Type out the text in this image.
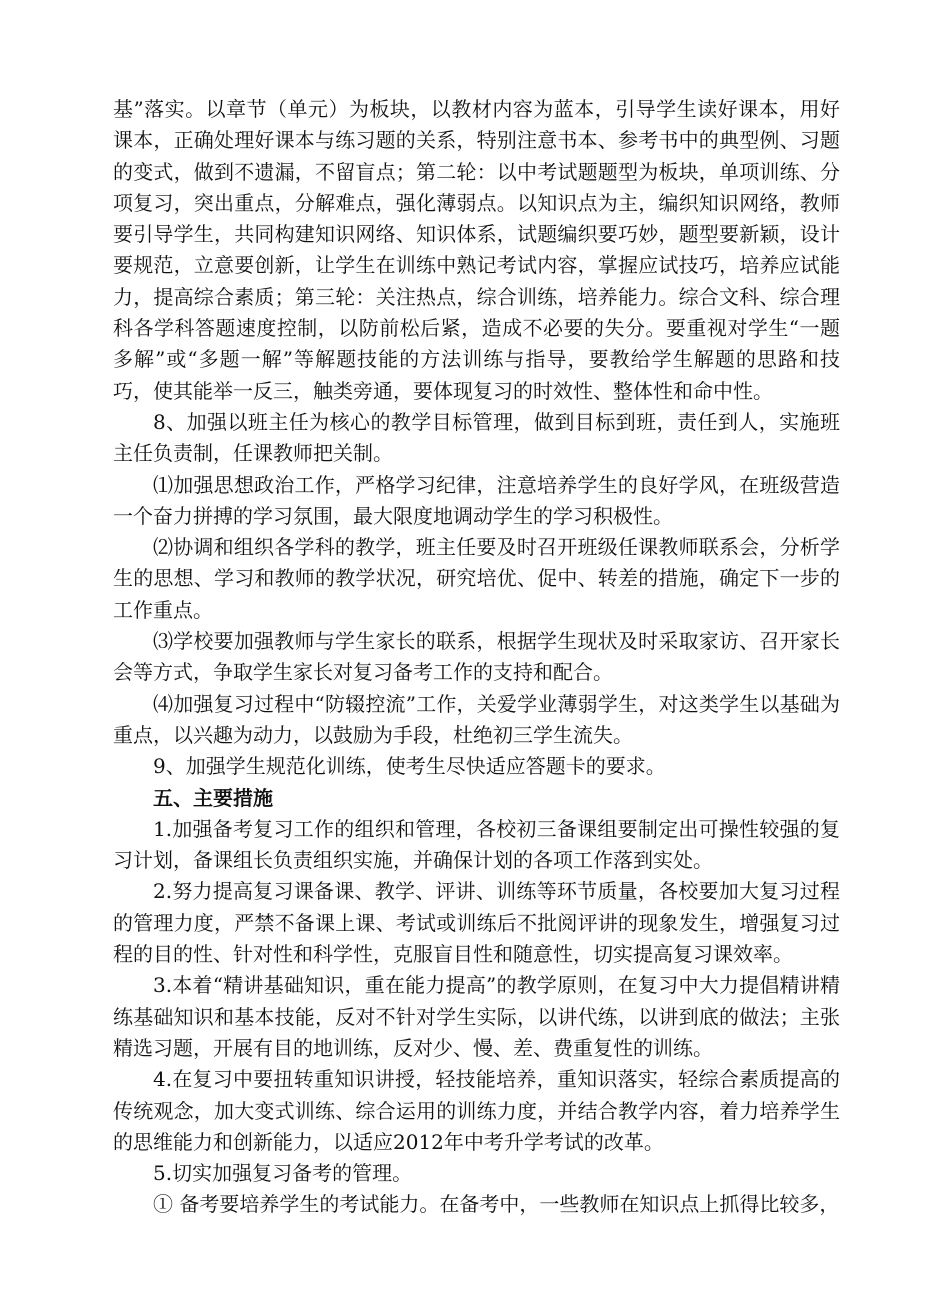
基”落实。以章节（单元）为板块，以教材内容为蓝本，引导学生读好课本，用好课本，正确处理好课本与练习题的关系，特别注意书本、参考书中的典型例、习题的变式，做到不遗漏，不留盲点；第二轮：以中考试题题型为板块，单项训练、分项复习，突出重点，分解难点，强化薄弱点。以知识点为主，编织知识网络，教师要引导学生，共同构建知识网络、知识体系，试题编织要巧妙，题型要新颖，设计要规范，立意要创新，让学生在训练中熟记考试内容，掌握应试技巧，培养应试能力，提高综合素质；第三轮：关注热点，综合训练，培养能力。综合文科、综合理科各学科答题速度控制，以防前松后紧，造成不必要的失分。要重视对学生“一题多解”或“多题一解”等解题技能的方法训练与指导，要教给学生解题的思路和技巧，使其能举一反三，触类旁通，要体现复习的时效性、整体性和命中性。

8、加强以班主任为核心的教学目标管理，做到目标到班，责任到人，实施班主任负责制，任课教师把关制。

⑴加强思想政治工作，严格学习纪律，注意培养学生的良好学风，在班级营造一个奋力拼搏的学习氛围，最大限度地调动学生的学习积极性。

⑵协调和组织各学科的教学，班主任要及时召开班级任课教师联系会，分析学生的思想、学习和教师的教学状况，研究培优、促中、转差的措施，确定下一步的工作重点。

⑶学校要加强教师与学生家长的联系，根据学生现状及时采取家访、召开家长会等方式，争取学生家长对复习备考工作的支持和配合。

⑷加强复习过程中“防辍控流”工作，关爱学业薄弱学生，对这类学生以基础为重点，以兴趣为动力，以鼓励为手段，杜绝初三学生流失。

9、加强学生规范化训练，使考生尽快适应答题卡的要求。

五、主要措施

1.加强备考复习工作的组织和管理，各校初三备课组要制定出可操性较强的复习计划，备课组长负责组织实施，并确保计划的各项工作落到实处。

2.努力提高复习课备课、教学、评讲、训练等环节质量，各校要加大复习过程的管理力度，严禁不备课上课、考试或训练后不批阅评讲的现象发生，增强复习过程的目的性、针对性和科学性，克服盲目性和随意性，切实提高复习课效率。

3.本着“精讲基础知识，重在能力提高”的教学原则，在复习中大力提倡精讲精练基础知识和基本技能，反对不针对学生实际，以讲代练，以讲到底的做法；主张精选习题，开展有目的地训练，反对少、慢、差、费重复性的训练。

4.在复习中要扭转重知识讲授，轻技能培养，重知识落实，轻综合素质提高的传统观念，加大变式训练、综合运用的训练力度，并结合教学内容，着力培养学生的思维能力和创新能力，以适应2012年中考升学考试的改革。

5.切实加强复习备考的管理。

① 备考要培养学生的考试能力。在备考中，一些教师在知识点上抓得比较多，
